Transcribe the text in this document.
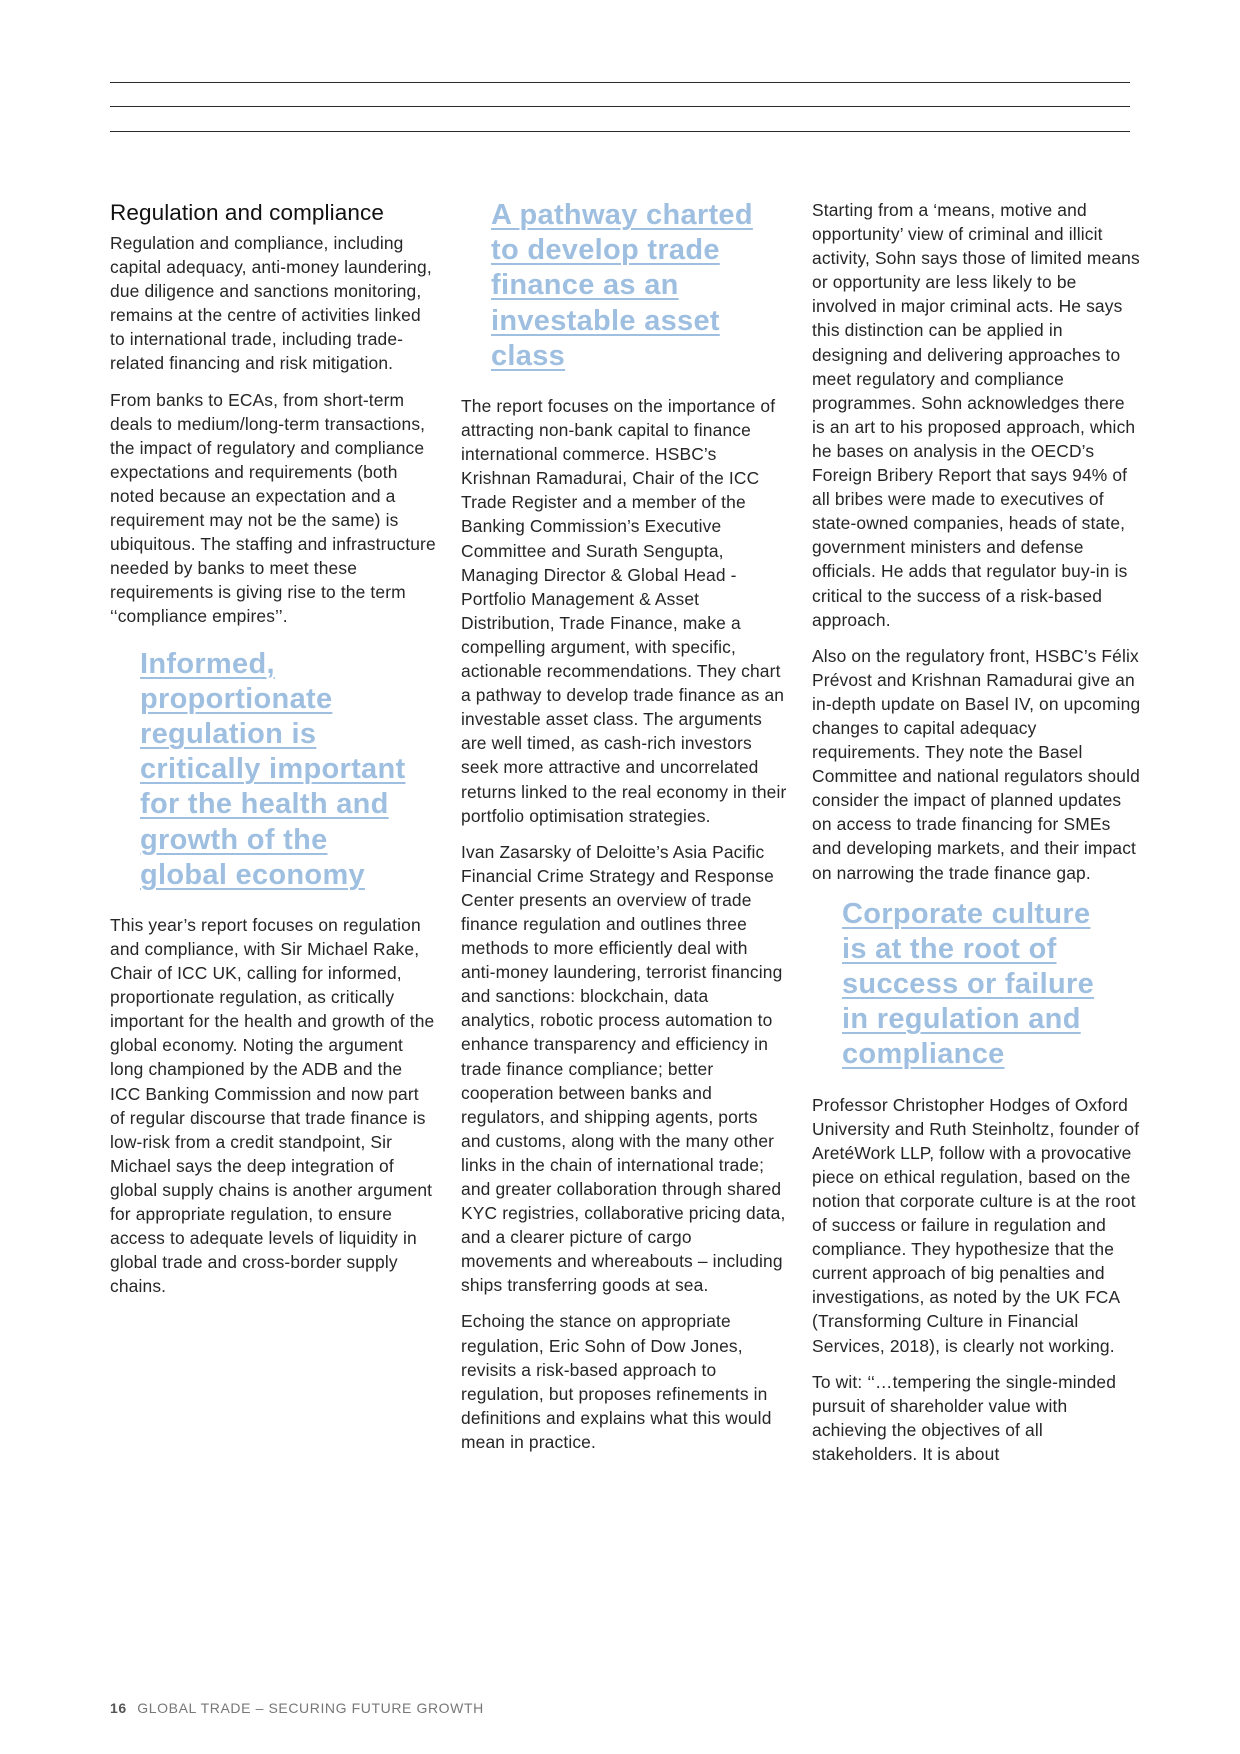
Regulation and compliance

Regulation and compliance, including capital adequacy, anti-money laundering, due diligence and sanctions monitoring, remains at the centre of activities linked to international trade, including trade-related financing and risk mitigation.

From banks to ECAs, from short-term deals to medium/long-term transactions, the impact of regulatory and compliance expectations and requirements (both noted because an expectation and a requirement may not be the same) is ubiquitous. The staffing and infrastructure needed by banks to meet these requirements is giving rise to the term ‘‘compliance empires’’.

Informed,
proportionate
regulation is
critically important
for the health and
growth of the
global economy

This year’s report focuses on regulation and compliance, with Sir Michael Rake, Chair of ICC UK, calling for informed, proportionate regulation, as critically important for the health and growth of the global economy. Noting the argument long championed by the ADB and the ICC Banking Commission and now part of regular discourse that trade finance is low-risk from a credit standpoint, Sir Michael says the deep integration of global supply chains is another argument for appropriate regulation, to ensure access to adequate levels of liquidity in global trade and cross-border supply chains.

A pathway charted
to develop trade
finance as an
investable asset
class

The report focuses on the importance of attracting non-bank capital to finance international commerce. HSBC’s Krishnan Ramadurai, Chair of the ICC Trade Register and a member of the Banking Commission’s Executive Committee and Surath Sengupta, Managing Director & Global Head - Portfolio Management & Asset Distribution, Trade Finance, make a compelling argument, with specific, actionable recommendations. They chart a pathway to develop trade finance as an investable asset class. The arguments are well timed, as cash-rich investors seek more attractive and uncorrelated returns linked to the real economy in their portfolio optimisation strategies.

Ivan Zasarsky of Deloitte’s Asia Pacific Financial Crime Strategy and Response Center presents an overview of trade finance regulation and outlines three methods to more efficiently deal with anti-money laundering, terrorist financing and sanctions: blockchain, data analytics, robotic process automation to enhance transparency and efficiency in trade finance compliance; better cooperation between banks and regulators, and shipping agents, ports and customs, along with the many other links in the chain of international trade; and greater collaboration through shared KYC registries, collaborative pricing data, and a clearer picture of cargo movements and whereabouts – including ships transferring goods at sea.

Echoing the stance on appropriate regulation, Eric Sohn of Dow Jones, revisits a risk-based approach to regulation, but proposes refinements in definitions and explains what this would mean in practice.

Starting from a ‘means, motive and opportunity’ view of criminal and illicit activity, Sohn says those of limited means or opportunity are less likely to be involved in major criminal acts. He says this distinction can be applied in designing and delivering approaches to meet regulatory and compliance programmes. Sohn acknowledges there is an art to his proposed approach, which he bases on analysis in the OECD’s Foreign Bribery Report that says 94% of all bribes were made to executives of state-owned companies, heads of state, government ministers and defense officials. He adds that regulator buy-in is critical to the success of a risk-based approach.

Also on the regulatory front, HSBC’s Félix Prévost and Krishnan Ramadurai give an in-depth update on Basel IV, on upcoming changes to capital adequacy requirements. They note the Basel Committee and national regulators should consider the impact of planned updates on access to trade financing for SMEs and developing markets, and their impact on narrowing the trade finance gap.

Corporate culture
is at the root of
success or failure
in regulation and
compliance

Professor Christopher Hodges of Oxford University and Ruth Steinholtz, founder of AretéWork LLP, follow with a provocative piece on ethical regulation, based on the notion that corporate culture is at the root of success or failure in regulation and compliance. They hypothesize that the current approach of big penalties and investigations, as noted by the UK FCA (Transforming Culture in Financial Services, 2018), is clearly not working.

To wit: ‘‘…tempering the single-minded pursuit of shareholder value with achieving the objectives of all stakeholders. It is about

16 GLOBAL TRADE – SECURING FUTURE GROWTH
